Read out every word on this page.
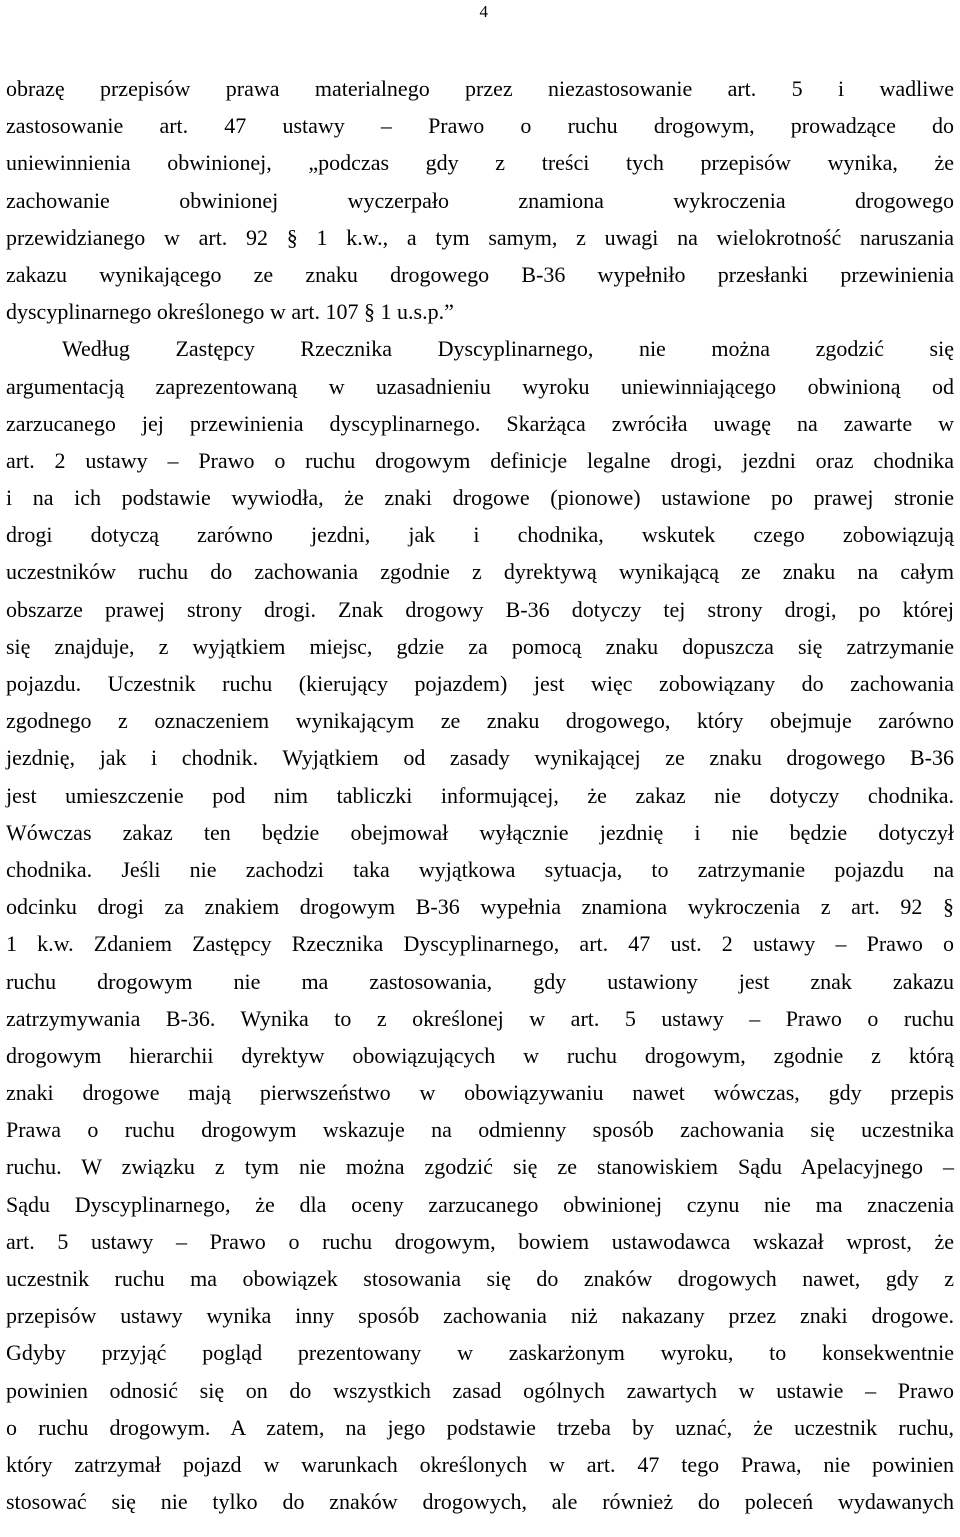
4
obrazę przepisów prawa materialnego przez niezastosowanie art. 5 i wadliwe
zastosowanie art. 47 ustawy – Prawo o ruchu drogowym, prowadzące do
uniewinnienia obwinionej, „podczas gdy z treści tych przepisów wynika, że
zachowanie obwinionej wyczerpało znamiona wykroczenia drogowego
przewidzianego w art. 92 § 1 k.w., a tym samym, z uwagi na wielokrotność naruszania
zakazu wynikającego ze znaku drogowego B-36 wypełniło przesłanki przewinienia
dyscyplinarnego określonego w art. 107 § 1 u.s.p.”
Według Zastępcy Rzecznika Dyscyplinarnego, nie można zgodzić się
argumentacją zaprezentowaną w uzasadnieniu wyroku uniewinniającego obwinioną od
zarzucanego jej przewinienia dyscyplinarnego. Skarżąca zwróciła uwagę na zawarte w
art. 2 ustawy – Prawo o ruchu drogowym definicje legalne drogi, jezdni oraz chodnika
i na ich podstawie wywiodła, że znaki drogowe (pionowe) ustawione po prawej stronie
drogi dotyczą zarówno jezdni, jak i chodnika, wskutek czego zobowiązują
uczestników ruchu do zachowania zgodnie z dyrektywą wynikającą ze znaku na całym
obszarze prawej strony drogi. Znak drogowy B-36 dotyczy tej strony drogi, po której
się znajduje, z wyjątkiem miejsc, gdzie za pomocą znaku dopuszcza się zatrzymanie
pojazdu. Uczestnik ruchu (kierujący pojazdem) jest więc zobowiązany do zachowania
zgodnego z oznaczeniem wynikającym ze znaku drogowego, który obejmuje zarówno
jezdnię, jak i chodnik. Wyjątkiem od zasady wynikającej ze znaku drogowego B-36
jest umieszczenie pod nim tabliczki informującej, że zakaz nie dotyczy chodnika.
Wówczas zakaz ten będzie obejmował wyłącznie jezdnię i nie będzie dotyczył
chodnika. Jeśli nie zachodzi taka wyjątkowa sytuacja, to zatrzymanie pojazdu na
odcinku drogi za znakiem drogowym B-36 wypełnia znamiona wykroczenia z art. 92 §
1 k.w. Zdaniem Zastępcy Rzecznika Dyscyplinarnego, art. 47 ust. 2 ustawy – Prawo o
ruchu drogowym nie ma zastosowania, gdy ustawiony jest znak zakazu
zatrzymywania B-36. Wynika to z określonej w art. 5 ustawy – Prawo o ruchu
drogowym hierarchii dyrektyw obowiązujących w ruchu drogowym, zgodnie z którą
znaki drogowe mają pierwszeństwo w obowiązywaniu nawet wówczas, gdy przepis
Prawa o ruchu drogowym wskazuje na odmienny sposób zachowania się uczestnika
ruchu. W związku z tym nie można zgodzić się ze stanowiskiem Sądu Apelacyjnego –
Sądu Dyscyplinarnego, że dla oceny zarzucanego obwinionej czynu nie ma znaczenia
art. 5 ustawy – Prawo o ruchu drogowym, bowiem ustawodawca wskazał wprost, że
uczestnik ruchu ma obowiązek stosowania się do znaków drogowych nawet, gdy z
przepisów ustawy wynika inny sposób zachowania niż nakazany przez znaki drogowe.
Gdyby przyjąć pogląd prezentowany w zaskarżonym wyroku, to konsekwentnie
powinien odnosić się on do wszystkich zasad ogólnych zawartych w ustawie – Prawo
o ruchu drogowym. A zatem, na jego podstawie trzeba by uznać, że uczestnik ruchu,
który zatrzymał pojazd w warunkach określonych w art. 47 tego Prawa, nie powinien
stosować się nie tylko do znaków drogowych, ale również do poleceń wydawanych
